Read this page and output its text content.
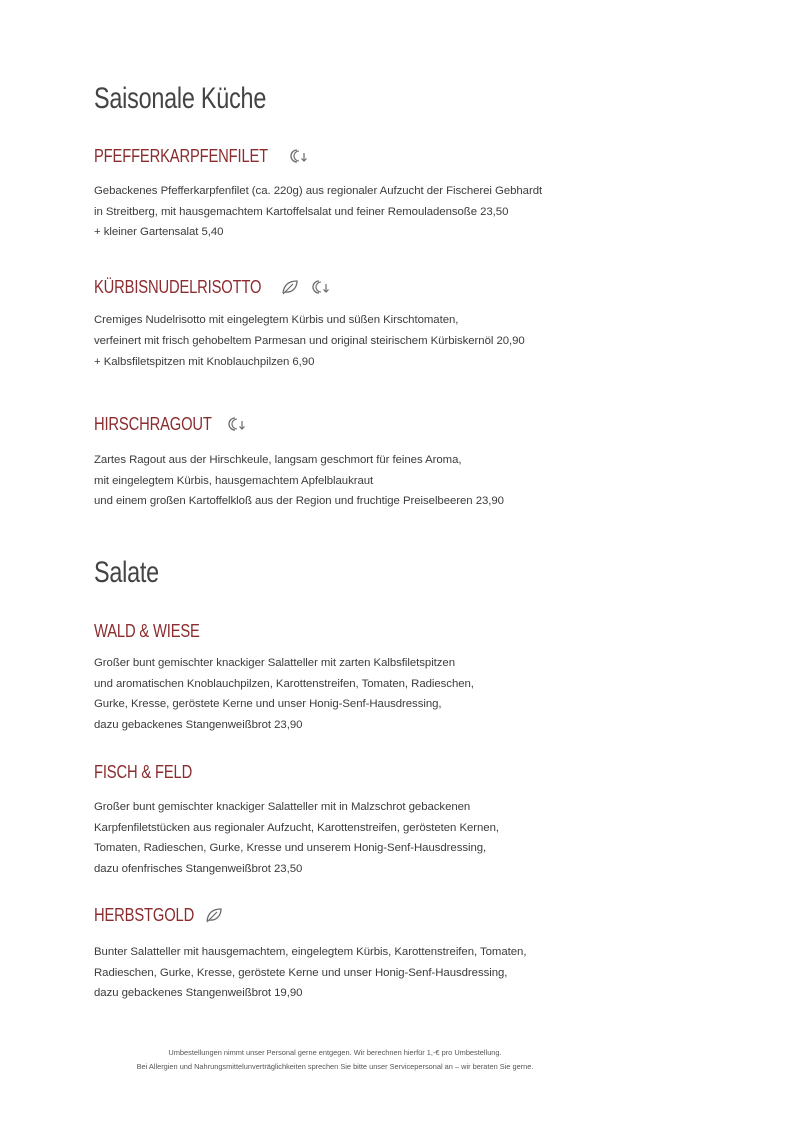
Saisonale Küche
PFEFFERKARPFENFILET

Gebackenes Pfefferkarpfenfilet (ca. 220g) aus regionaler Aufzucht der Fischerei Gebhardt
in Streitberg, mit hausgemachtem Kartoffelsalat und feiner Remouladensoße 23,50
+ kleiner Gartensalat 5,40

KÜRBISNUDELRISOTTO

Cremiges Nudelrisotto mit eingelegtem Kürbis und süßen Kirschtomaten,
verfeinert mit frisch gehobeltem Parmesan und original steirischem Kürbiskernöl 20,90

+ Kalbsfiletspitzen mit Knoblauchpilzen 6,90

HIRSCHRAGOUT

Zartes Ragout aus der Hirschkeule, langsam geschmort für feines Aroma,
mit eingelegtem Kürbis, hausgemachtem Apfelblaukraut
und einem großen Kartoffelkloß aus der Region und fruchtige Preiselbeeren 23,90

Salate
WALD & WIESE

Großer bunt gemischter knackiger Salatteller mit zarten Kalbsfiletspitzen
und aromatischen Knoblauchpilzen, Karottenstreifen, Tomaten, Radieschen,
Gurke, Kresse, geröstete Kerne und unser Honig-Senf-Hausdressing,
dazu gebackenes Stangenweißbrot 23,90

FISCH & FELD

Großer bunt gemischter knackiger Salatteller mit in Malzschrot gebackenen
Karpfenfiletstücken aus regionaler Aufzucht, Karottenstreifen, gerösteten Kernen,
Tomaten, Radieschen, Gurke, Kresse und unserem Honig-Senf-Hausdressing,
dazu ofenfrisches Stangenweißbrot 23,50

HERBSTGOLD

Bunter Salatteller mit hausgemachtem, eingelegtem Kürbis, Karottenstreifen, Tomaten,
Radieschen, Gurke, Kresse, geröstete Kerne und unser Honig-Senf-Hausdressing,
dazu gebackenes Stangenweißbrot 19,90

Umbestellungen nimmt unser Personal gerne entgegen. Wir berechnen hierfür 1,-€ pro Umbestellung.
Bei Allergien und Nahrungsmittelunverträglichkeiten sprechen Sie bitte unser Servicepersonal an – wir beraten Sie gerne.
